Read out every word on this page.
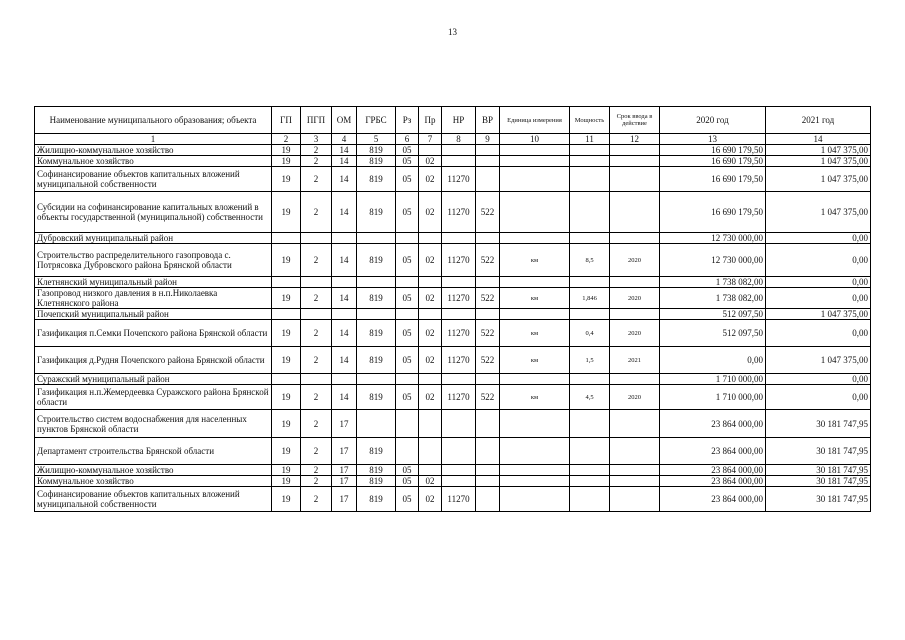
13
Наименование муниципального образования; объекта	ГП	ПГП	ОМ	ГРБС	Рз	Пр	НР	ВР	Единица измерения	Мощность	Срок ввода в действие	2020 год	2021 год
1	2	3	4	5	6	7	8	9	10	11	12	13	14
Жилищно-коммунальное хозяйство	19	2	14	819	05							16 690 179,50	1 047 375,00
Коммунальное хозяйство	19	2	14	819	05	02						16 690 179,50	1 047 375,00
Софинансирование объектов капитальных вложений муниципальной собственности	19	2	14	819	05	02	11270					16 690 179,50	1 047 375,00
Субсидии на софинансирование капитальных вложений в объекты государственной (муниципальной) собственности	19	2	14	819	05	02	11270	522				16 690 179,50	1 047 375,00
Дубровский муниципальный район												12 730 000,00	0,00
Строительство распределительного газопровода с. Потрясовка Дубровского района Брянской области	19	2	14	819	05	02	11270	522	км	8,5	2020	12 730 000,00	0,00
Клетнянский муниципальный район												1 738 082,00	0,00
Газопровод низкого давления в н.п.Николаевка Клетнянского района	19	2	14	819	05	02	11270	522	км	1,846	2020	1 738 082,00	0,00
Почепский муниципальный район												512 097,50	1 047 375,00
Газификация п.Семки Почепского района Брянской области	19	2	14	819	05	02	11270	522	км	0,4	2020	512 097,50	0,00
Газификация д.Рудня Почепского района Брянской области	19	2	14	819	05	02	11270	522	км	1,5	2021	0,00	1 047 375,00
Суражский муниципальный район												1 710 000,00	0,00
Газификация н.п.Жемердеевка Суражского района Брянской области	19	2	14	819	05	02	11270	522	км	4,5	2020	1 710 000,00	0,00
Строительство систем водоснабжения для населенных пунктов Брянской области	19	2	17									23 864 000,00	30 181 747,95
Департамент строительства Брянской области	19	2	17	819								23 864 000,00	30 181 747,95
Жилищно-коммунальное хозяйство	19	2	17	819	05							23 864 000,00	30 181 747,95
Коммунальное хозяйство	19	2	17	819	05	02						23 864 000,00	30 181 747,95
Софинансирование объектов капитальных вложений муниципальной собственности	19	2	17	819	05	02	11270					23 864 000,00	30 181 747,95
